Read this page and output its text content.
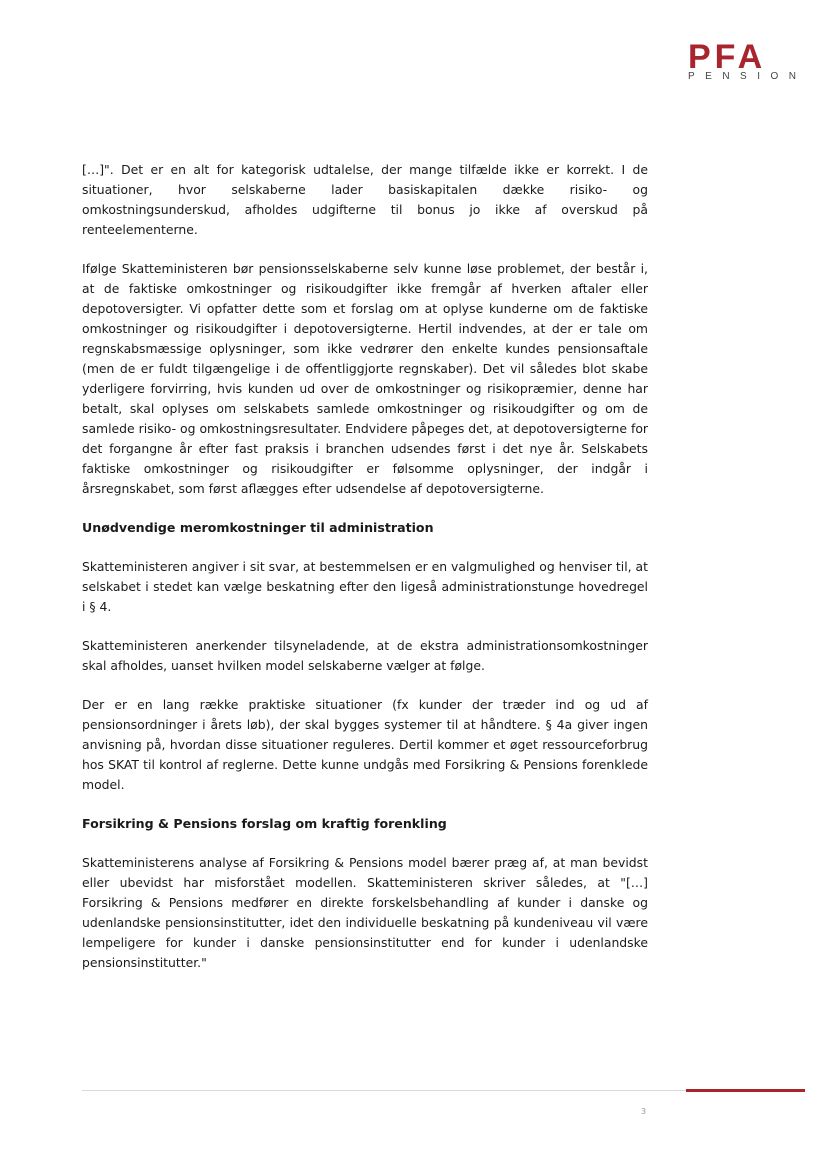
PFA
PENSION

[…]". Det er en alt for kategorisk udtalelse, der mange tilfælde ikke er korrekt. I de situationer, hvor selskaberne lader basiskapitalen dække risiko- og omkostningsunderskud, afholdes udgifterne til bonus jo ikke af overskud på renteelementerne.

Ifølge Skatteministeren bør pensionsselskaberne selv kunne løse problemet, der består i, at de faktiske omkostninger og risikoudgifter ikke fremgår af hverken aftaler eller depotoversigter. Vi opfatter dette som et forslag om at oplyse kunderne om de faktiske omkostninger og risikoudgifter i depotoversigterne. Hertil indvendes, at der er tale om regnskabsmæssige oplysninger, som ikke vedrører den enkelte kundes pensionsaftale (men de er fuldt tilgængelige i de offentliggjorte regnskaber). Det vil således blot skabe yderligere forvirring, hvis kunden ud over de omkostninger og risikopræmier, denne har betalt, skal oplyses om selskabets samlede omkostninger og risikoudgifter og om de samlede risiko- og omkostningsresultater. Endvidere påpeges det, at depotoversigterne for det forgangne år efter fast praksis i branchen udsendes først i det nye år. Selskabets faktiske omkostninger og risikoudgifter er følsomme oplysninger, der indgår i årsregnskabet, som først aflægges efter udsendelse af depotoversigterne.

Unødvendige meromkostninger til administration

Skatteministeren angiver i sit svar, at bestemmelsen er en valgmulighed og henviser til, at selskabet i stedet kan vælge beskatning efter den ligeså administrationstunge hovedregel i § 4.

Skatteministeren anerkender tilsyneladende, at de ekstra administrationsomkostninger skal afholdes, uanset hvilken model selskaberne vælger at følge.

Der er en lang række praktiske situationer (fx kunder der træder ind og ud af pensionsordninger i årets løb), der skal bygges systemer til at håndtere. § 4a giver ingen anvisning på, hvordan disse situationer reguleres. Dertil kommer et øget ressourceforbrug hos SKAT til kontrol af reglerne. Dette kunne undgås med Forsikring & Pensions forenklede model.

Forsikring & Pensions forslag om kraftig forenkling

Skatteministerens analyse af Forsikring & Pensions model bærer præg af, at man bevidst eller ubevidst har misforstået modellen. Skatteministeren skriver således, at "[…] Forsikring & Pensions medfører en direkte forskelsbehandling af kunder i danske og udenlandske pensionsinstitutter, idet den individuelle beskatning på kundeniveau vil være lempeligere for kunder i danske pensionsinstitutter end for kunder i udenlandske pensionsinstitutter."

3
